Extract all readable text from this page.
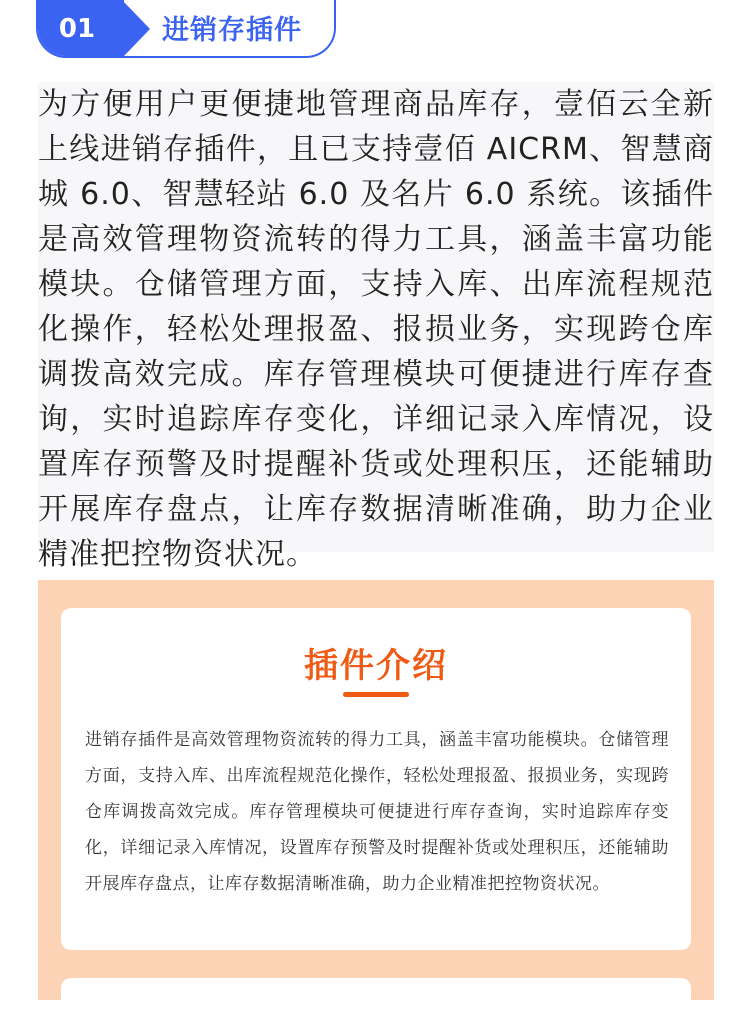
01	进销存插件
为方便用户更便捷地管理商品库存，壹佰云全新上线进销存插件，且已支持壹佰 AICRM、智慧商城 6.0、智慧轻站 6.0 及名片 6.0 系统。该插件是高效管理物资流转的得力工具，涵盖丰富功能模块。仓储管理方面，支持入库、出库流程规范化操作，轻松处理报盈、报损业务，实现跨仓库调拨高效完成。库存管理模块可便捷进行库存查询，实时追踪库存变化，详细记录入库情况，设置库存预警及时提醒补货或处理积压，还能辅助开展库存盘点，让库存数据清晰准确，助力企业精准把控物资状况。
插件介绍
进销存插件是高效管理物资流转的得力工具，涵盖丰富功能模块。仓储管理方面，支持入库、出库流程规范化操作，轻松处理报盈、报损业务，实现跨仓库调拨高效完成。库存管理模块可便捷进行库存查询，实时追踪库存变化，详细记录入库情况，设置库存预警及时提醒补货或处理积压，还能辅助开展库存盘点，让库存数据清晰准确，助力企业精准把控物资状况。
